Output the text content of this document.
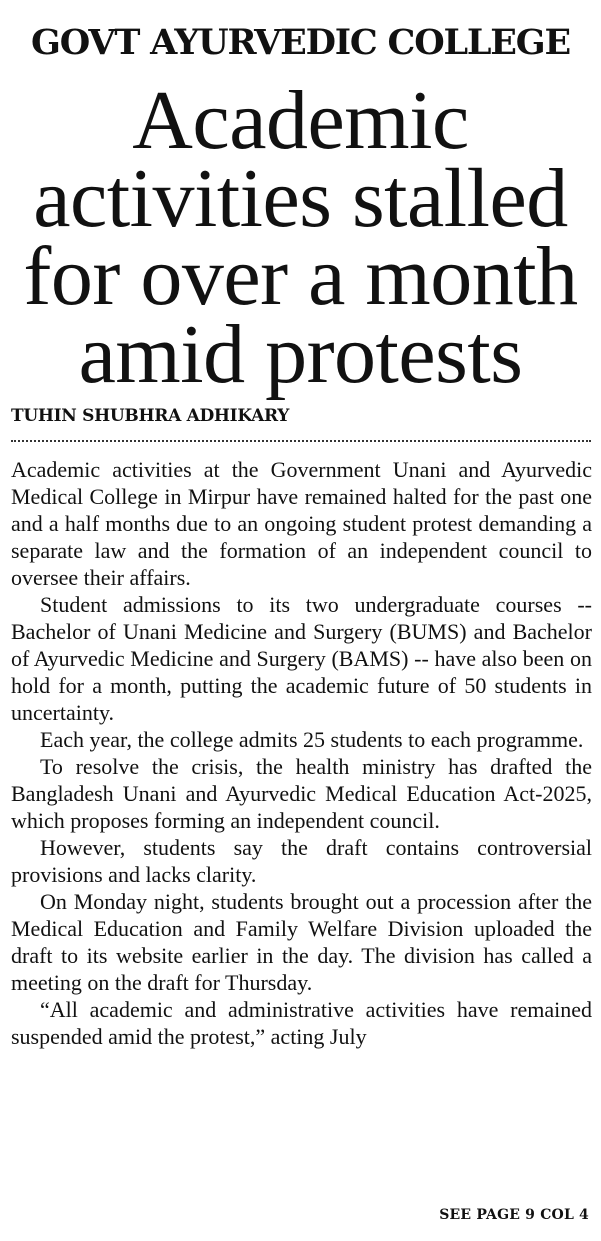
GOVT AYURVEDIC COLLEGE
Academic
activities stalled
for over a month
amid protests
TUHIN SHUBHRA ADHIKARY

Academic activities at the Government Unani and Ayurvedic Medical College in Mirpur have remained halted for the past one and a half months due to an ongoing student protest demanding a separate law and the formation of an independent council to oversee their affairs.

Student admissions to its two undergraduate courses -- Bachelor of Unani Medicine and Surgery (BUMS) and Bachelor of Ayurvedic Medicine and Surgery (BAMS) -- have also been on hold for a month, putting the academic future of 50 students in uncertainty.

Each year, the college admits 25 students to each programme.

To resolve the crisis, the health ministry has drafted the Bangladesh Unani and Ayurvedic Medical Education Act-2025, which proposes forming an independent council.

However, students say the draft contains controversial provisions and lacks clarity.

On Monday night, students brought out a procession after the Medical Education and Family Welfare Division uploaded the draft to its website earlier in the day. The division has called a meeting on the draft for Thursday.

“All academic and administrative activities have remained suspended amid the protest,” acting July

SEE PAGE 9 COL 4
